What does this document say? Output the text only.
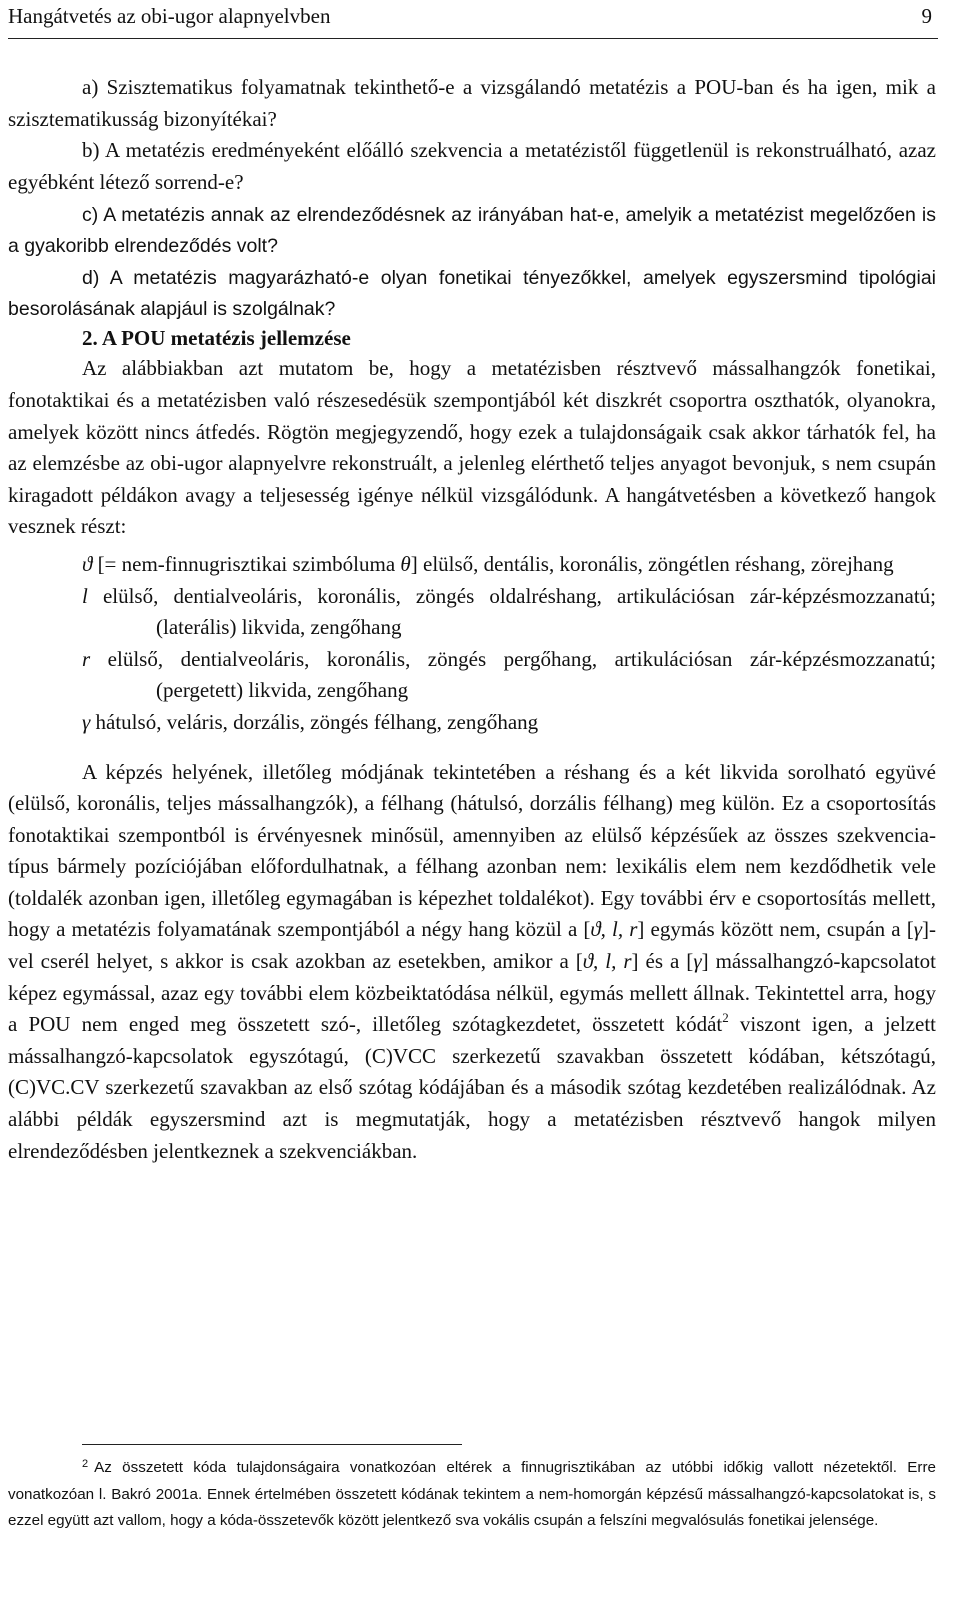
Hangátvetés az obi-ugor alapnyelvben	9

a) Szisztematikus folyamatnak tekinthető-e a vizsgálandó metatézis a POU-ban és ha igen, mik a szisztematikusság bizonyítékai?

b) A metatézis eredményeként előálló szekvencia a metatézistől függetlenül is rekonstruálható, azaz egyébként létező sorrend-e?

c) A metatézis annak az elrendeződésnek az irányában hat-e, amelyik a metatézist megelőzően is a gyakoribb elrendeződés volt?

d) A metatézis magyarázható-e olyan fonetikai tényezőkkel, amelyek egyszersmind tipológiai besorolásának alapjául is szolgálnak?

2. A POU metatézis jellemzése

Az alábbiakban azt mutatom be, hogy a metatézisben résztvevő mássalhangzók fonetikai, fonotaktikai és a metatézisben való részesedésük szempontjából két diszkrét csoportra oszthatók, olyanokra, amelyek között nincs átfedés. Rögtön megjegyzendő, hogy ezek a tulajdonságaik csak akkor tárhatók fel, ha az elemzésbe az obi-ugor alapnyelvre rekonstruált, a jelenleg elérthető teljes anyagot bevonjuk, s nem csupán kiragadott példákon avagy a teljesesség igénye nélkül vizsgálódunk. A hangátvetésben a következő hangok vesznek részt:

ϑ [= nem-finnugrisztikai szimbóluma θ] elülső, dentális, koronális, zöngétlen réshang, zörejhang

l elülső, dentialveoláris, koronális, zöngés oldalréshang, artikulációsan zár-képzésmozzanatú; (laterális) likvida, zengőhang

r elülső, dentialveoláris, koronális, zöngés pergőhang, artikulációsan zár-képzésmozzanatú; (pergetett) likvida, zengőhang

γ hátulsó, veláris, dorzális, zöngés félhang, zengőhang

A képzés helyének, illetőleg módjának tekintetében a réshang és a két likvida sorolható együvé (elülső, koronális, teljes mássalhangzók), a félhang (hátulsó, dorzális félhang) meg külön. Ez a csoportosítás fonotaktikai szempontból is érvényesnek minősül, amennyiben az elülső képzésűek az összes szekvencia-típus bármely pozíciójában előfordulhatnak, a félhang azonban nem: lexikális elem nem kezdődhetik vele (toldalék azonban igen, illetőleg egymagában is képezhet toldalékot). Egy további érv e csoportosítás mellett, hogy a metatézis folyamatának szempontjából a négy hang közül a [ϑ, l, r] egymás között nem, csupán a [γ]-vel cserél helyet, s akkor is csak azokban az esetekben, amikor a [ϑ, l, r] és a [γ] mássalhangzó-kapcsolatot képez egymással, azaz egy további elem közbeiktatódása nélkül, egymás mellett állnak. Tekintettel arra, hogy a POU nem enged meg összetett szó-, illetőleg szótagkezdetet, összetett kódát$^2$ viszont igen, a jelzett mássalhangzó-kapcsolatok egyszótagú, (C)VCC szerkezetű szavakban összetett kódában, kétszótagú, (C)VC.CV szerkezetű szavakban az első szótag kódájában és a második szótag kezdetében realizálódnak. Az alábbi példák egyszersmind azt is megmutatják, hogy a metatézisben résztvevő hangok milyen elrendeződésben jelentkeznek a szekvenciákban.

$^2$ Az összetett kóda tulajdonságaira vonatkozóan eltérek a finnugrisztikában az utóbbi időkig vallott nézetektől. Erre vonatkozóan l. Bakró 2001a. Ennek értelmében összetett kódának tekintem a nem-homorgán képzésű mássalhangzó-kapcsolatokat is, s ezzel együtt azt vallom, hogy a kóda-összetevők között jelentkező sva vokális csupán a felszíni megvalósulás fonetikai jelensége.
